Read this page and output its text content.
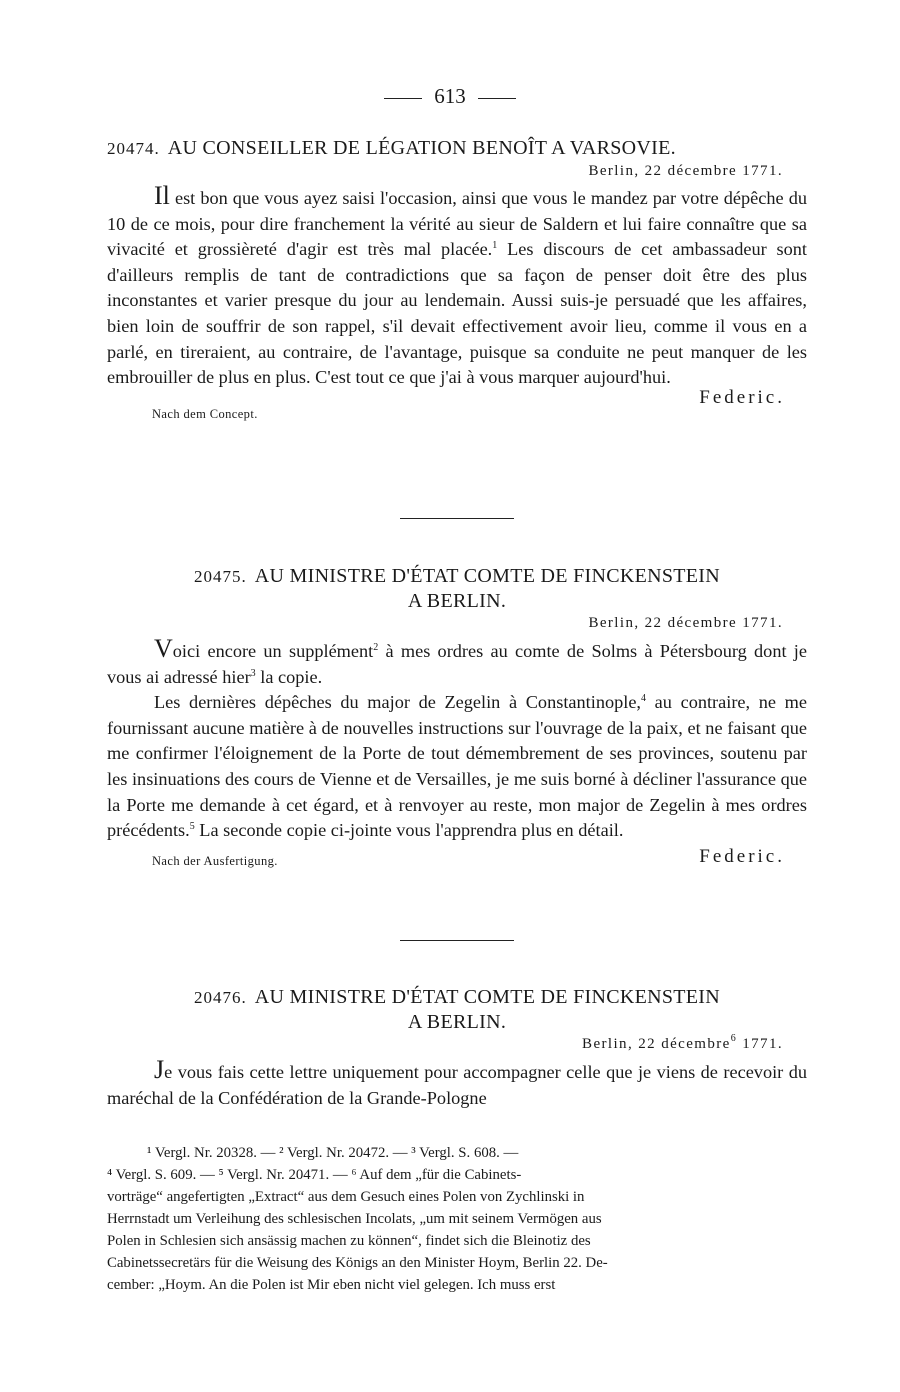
613
20474. AU CONSEILLER DE LÉGATION BENOÎT A VARSOVIE.
Berlin, 22 décembre 1771.

Il est bon que vous ayez saisi l'occasion, ainsi que vous le mandez par votre dépêche du 10 de ce mois, pour dire franchement la vérité au sieur de Saldern et lui faire connaître que sa vivacité et grossièreté d'agir est très mal placée.$^1$ Les discours de cet ambassadeur sont d'ailleurs remplis de tant de contradictions que sa façon de penser doit être des plus inconstantes et varier presque du jour au lendemain. Aussi suis-je persuadé que les affaires, bien loin de souffrir de son rappel, s'il devait effectivement avoir lieu, comme il vous en a parlé, en tireraient, au contraire, de l'avantage, puisque sa conduite ne peut manquer de les embrouiller de plus en plus. C'est tout ce que j'ai à vous marquer aujourd'hui.

Nach dem Concept.
Federic.
20475. AU MINISTRE D'ÉTAT COMTE DE FINCKENSTEIN
A BERLIN.
Berlin, 22 décembre 1771.

Voici encore un supplément$^2$ à mes ordres au comte de Solms à Pétersbourg dont je vous ai adressé hier$^3$ la copie.

Les dernières dépêches du major de Zegelin à Constantinople,$^4$ au contraire, ne me fournissant aucune matière à de nouvelles instructions sur l'ouvrage de la paix, et ne faisant que me confirmer l'éloignement de la Porte de tout démembrement de ses provinces, soutenu par les insinuations des cours de Vienne et de Versailles, je me suis borné à décliner l'assurance que la Porte me demande à cet égard, et à renvoyer au reste, mon major de Zegelin à mes ordres précédents.$^5$ La seconde copie ci-jointe vous l'apprendra plus en détail.

Nach der Ausfertigung.	Federic.
20476. AU MINISTRE D'ÉTAT COMTE DE FINCKENSTEIN
A BERLIN.
Berlin, 22 décembre$^6$ 1771.

Je vous fais cette lettre uniquement pour accompagner celle que je viens de recevoir du maréchal de la Confédération de la Grande-Pologne

¹ Vergl. Nr. 20328. — ² Vergl. Nr. 20472. — ³ Vergl. S. 608. —
⁴ Vergl. S. 609. — ⁵ Vergl. Nr. 20471. — ⁶ Auf dem „für die Cabinets-
vorträge“ angefertigten „Extract“ aus dem Gesuch eines Polen von Zychlinski in
Herrnstadt um Verleihung des schlesischen Incolats, „um mit seinem Vermögen aus
Polen in Schlesien sich ansässig machen zu können“, findet sich die Bleinotiz des
Cabinetssecretärs für die Weisung des Königs an den Minister Hoym, Berlin 22. De-
cember: „Hoym. An die Polen ist Mir eben nicht viel gelegen. Ich muss erst
